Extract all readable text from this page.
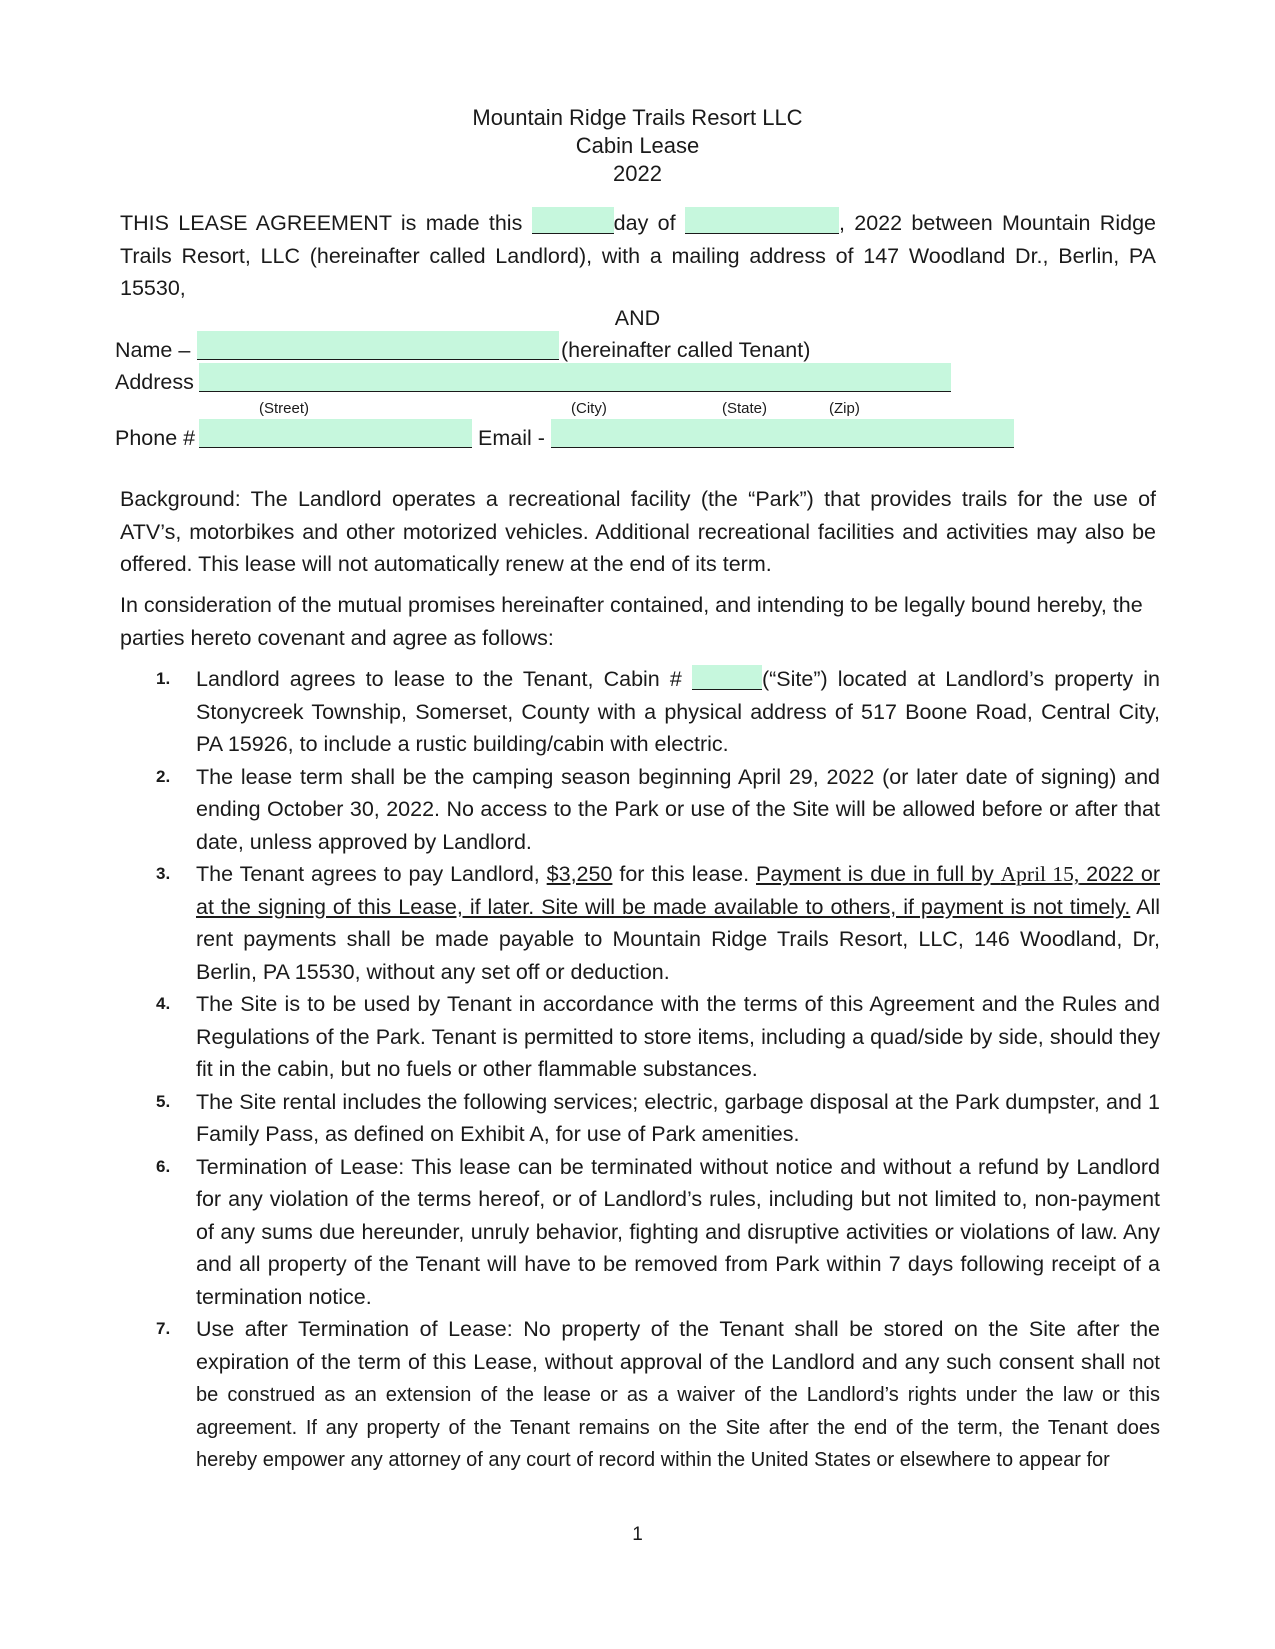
Mountain Ridge Trails Resort LLC
Cabin Lease
2022
THIS LEASE AGREEMENT is made this	day of	, 2022 between Mountain Ridge Trails Resort, LLC (hereinafter called Landlord), with a mailing address of 147 Woodland Dr., Berlin, PA 15530,
AND
Name –	(hereinafter called Tenant)
Address
(Street)	(City)	(State)	(Zip)
Phone #	Email -
Background: The Landlord operates a recreational facility (the “Park”) that provides trails for the use of ATV’s, motorbikes and other motorized vehicles. Additional recreational facilities and activities may also be offered. This lease will not automatically renew at the end of its term.
In consideration of the mutual promises hereinafter contained, and intending to be legally bound hereby, the parties hereto covenant and agree as follows:

1. Landlord agrees to lease to the Tenant, Cabin #	(“Site”) located at Landlord’s property in Stonycreek Township, Somerset, County with a physical address of 517 Boone Road, Central City, PA 15926, to include a rustic building/cabin with electric.

2. The lease term shall be the camping season beginning April 29, 2022 (or later date of signing) and ending October 30, 2022. No access to the Park or use of the Site will be allowed before or after that date, unless approved by Landlord.

3. The Tenant agrees to pay Landlord, $3,250 for this lease. Payment is due in full by April 15, 2022 or at the signing of this Lease, if later. Site will be made available to others, if payment is not timely. All rent payments shall be made payable to Mountain Ridge Trails Resort, LLC, 146 Woodland, Dr, Berlin, PA 15530, without any set off or deduction.

4. The Site is to be used by Tenant in accordance with the terms of this Agreement and the Rules and Regulations of the Park. Tenant is permitted to store items, including a quad/side by side, should they fit in the cabin, but no fuels or other flammable substances.

5. The Site rental includes the following services; electric, garbage disposal at the Park dumpster, and 1 Family Pass, as defined on Exhibit A, for use of Park amenities.

6. Termination of Lease: This lease can be terminated without notice and without a refund by Landlord for any violation of the terms hereof, or of Landlord’s rules, including but not limited to, non-payment of any sums due hereunder, unruly behavior, fighting and disruptive activities or violations of law. Any and all property of the Tenant will have to be removed from Park within 7 days following receipt of a termination notice.

7. Use after Termination of Lease: No property of the Tenant shall be stored on the Site after the expiration of the term of this Lease, without approval of the Landlord and any such consent shall not be construed as an extension of the lease or as a waiver of the Landlord’s rights under the law or this agreement. If any property of the Tenant remains on the Site after the end of the term, the Tenant does hereby empower any attorney of any court of record within the United States or elsewhere to appear for

1
